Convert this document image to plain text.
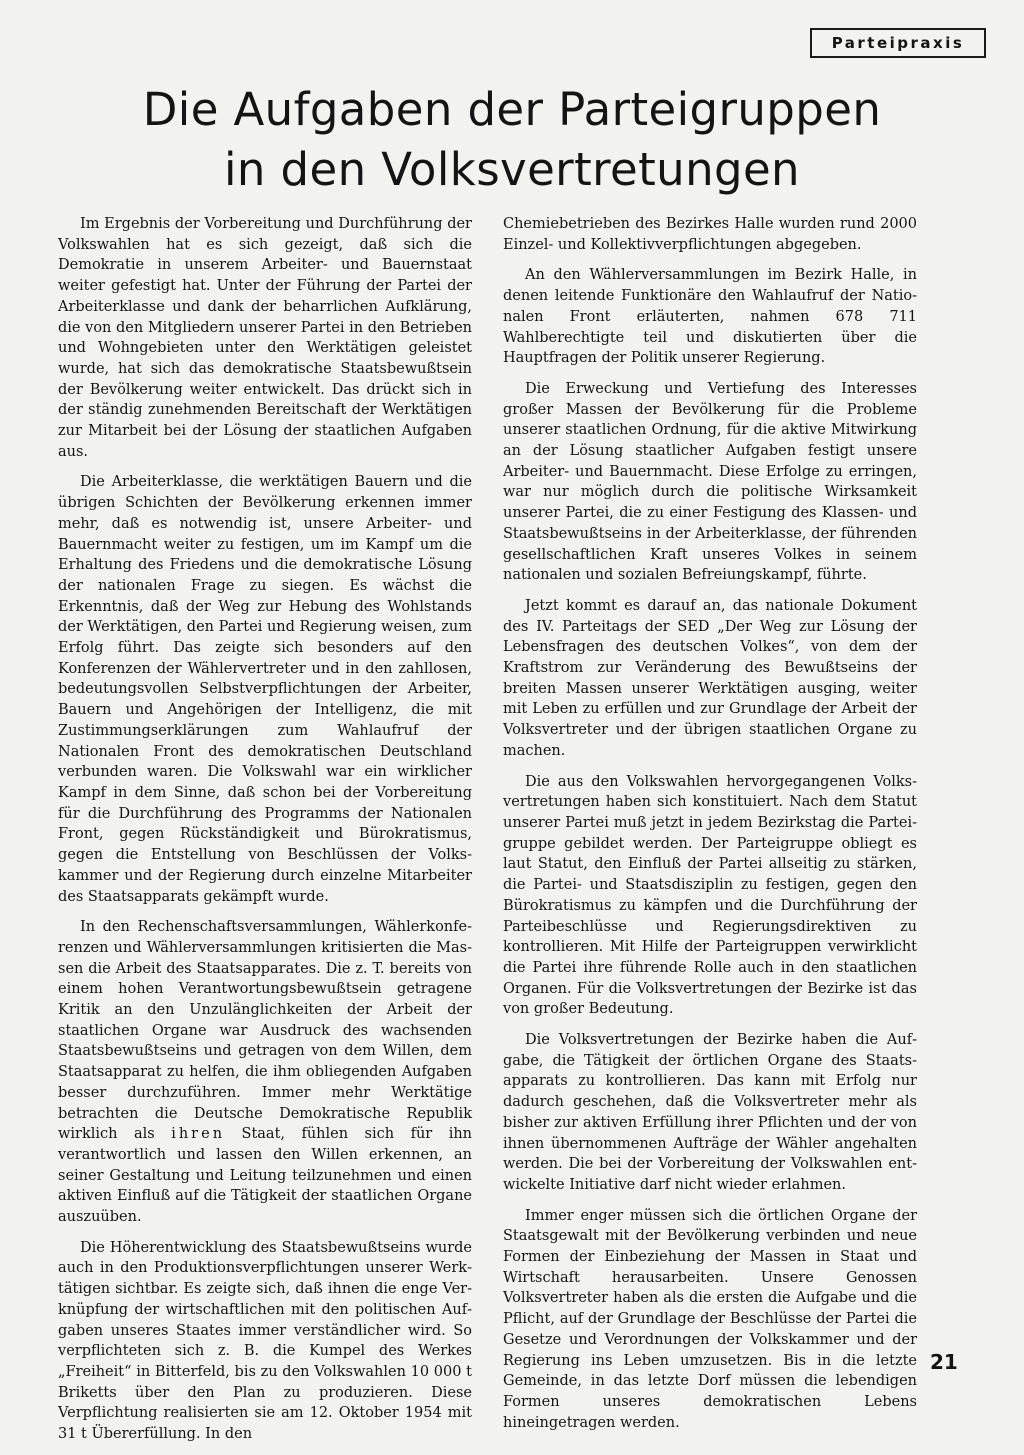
Parteipraxis
Die Aufgaben der Parteigruppen
in den Volksvertretungen

Im Ergebnis der Vorbereitung und Durchführung der Volkswahlen hat es sich gezeigt, daß sich die Demokratie in unserem Arbeiter- und Bauernstaat weiter gefestigt hat. Unter der Führung der Partei der Arbeiterklasse und dank der beharrlichen Aufklärung, die von den Mitgliedern unserer Partei in den Betrieben und Wohngebieten unter den Werktätigen geleistet wurde, hat sich das demokratische Staatsbewußtsein der Bevölkerung weiter entwickelt. Das drückt sich in der ständig zunehmenden Bereitschaft der Werktätigen zur Mitarbeit bei der Lösung der staatlichen Aufgaben aus.

Die Arbeiterklasse, die werktätigen Bauern und die übrigen Schichten der Bevölkerung erkennen immer mehr, daß es notwendig ist, unsere Arbeiter- und Bauernmacht weiter zu festigen, um im Kampf um die Erhaltung des Friedens und die demokratische Lösung der nationalen Frage zu siegen. Es wächst die Erkenntnis, daß der Weg zur Hebung des Wohlstands der Werktätigen, den Partei und Regierung weisen, zum Erfolg führt. Das zeigte sich besonders auf den Konferenzen der Wählervertreter und in den zahllosen, bedeutungsvollen Selbstverpflichtungen der Arbeiter, Bauern und Angehörigen der Intelligenz, die mit Zustimmungserklärungen zum Wahlaufruf der Nationalen Front des demokratischen Deutschland verbunden waren. Die Volkswahl war ein wirklicher Kampf in dem Sinne, daß schon bei der Vorbereitung für die Durchführung des Programms der Nationalen Front, gegen Rückständigkeit und Bürokratismus, gegen die Entstellung von Beschlüssen der Volkskammer und der Regierung durch einzelne Mitarbeiter des Staatsapparats gekämpft wurde.

In den Rechenschaftsversammlungen, Wählerkonferenzen und Wählerversammlungen kritisierten die Massen die Arbeit des Staatsapparates. Die z. T. bereits von einem hohen Verantwortungsbewußtsein getragene Kritik an den Unzulänglichkeiten der Arbeit der staatlichen Organe war Ausdruck des wachsenden Staatsbewußtseins und getragen von dem Willen, dem Staatsapparat zu helfen, die ihm obliegenden Aufgaben besser durchzuführen. Immer mehr Werktätige betrachten die Deutsche Demokratische Republik wirklich als ihren Staat, fühlen sich für ihn verantwortlich und lassen den Willen erkennen, an seiner Gestaltung und Leitung teilzunehmen und einen aktiven Einfluß auf die Tätigkeit der staatlichen Organe auszuüben.

Die Höherentwicklung des Staatsbewußtseins wurde auch in den Produktionsverpflichtungen unserer Werktätigen sichtbar. Es zeigte sich, daß ihnen die enge Verknüpfung der wirtschaftlichen mit den politischen Aufgaben unseres Staates immer verständlicher wird. So verpflichteten sich z. B. die Kumpel des Werkes „Freiheit“ in Bitterfeld, bis zu den Volkswahlen 10 000 t Briketts über den Plan zu produzieren. Diese Verpflichtung realisierten sie am 12. Oktober 1954 mit 31 t Übererfüllung. In den

Chemiebetrieben des Bezirkes Halle wurden rund 2000 Einzel- und Kollektivverpflichtungen abgegeben.

An den Wählerversammlungen im Bezirk Halle, in denen leitende Funktionäre den Wahlaufruf der Nationalen Front erläuterten, nahmen 678 711 Wahlberechtigte teil und diskutierten über die Hauptfragen der Politik unserer Regierung.

Die Erweckung und Vertiefung des Interesses großer Massen der Bevölkerung für die Probleme unserer staatlichen Ordnung, für die aktive Mitwirkung an der Lösung staatlicher Aufgaben festigt unsere Arbeiter- und Bauernmacht. Diese Erfolge zu erringen, war nur möglich durch die politische Wirksamkeit unserer Partei, die zu einer Festigung des Klassen- und Staatsbewußtseins in der Arbeiterklasse, der führenden gesellschaftlichen Kraft unseres Volkes in seinem nationalen und sozialen Befreiungskampf, führte.

Jetzt kommt es darauf an, das nationale Dokument des IV. Parteitags der SED „Der Weg zur Lösung der Lebensfragen des deutschen Volkes“, von dem der Kraftstrom zur Veränderung des Bewußtseins der breiten Massen unserer Werktätigen ausging, weiter mit Leben zu erfüllen und zur Grundlage der Arbeit der Volksvertreter und der übrigen staatlichen Organe zu machen.

Die aus den Volkswahlen hervorgegangenen Volksvertretungen haben sich konstituiert. Nach dem Statut unserer Partei muß jetzt in jedem Bezirkstag die Parteigruppe gebildet werden. Der Parteigruppe obliegt es laut Statut, den Einfluß der Partei allseitig zu stärken, die Partei- und Staatsdisziplin zu festigen, gegen den Bürokratismus zu kämpfen und die Durchführung der Parteibeschlüsse und Regierungsdirektiven zu kontrollieren. Mit Hilfe der Parteigruppen verwirklicht die Partei ihre führende Rolle auch in den staatlichen Organen. Für die Volksvertretungen der Bezirke ist das von großer Bedeutung.

Die Volksvertretungen der Bezirke haben die Aufgabe, die Tätigkeit der örtlichen Organe des Staatsapparats zu kontrollieren. Das kann mit Erfolg nur dadurch geschehen, daß die Volksvertreter mehr als bisher zur aktiven Erfüllung ihrer Pflichten und der von ihnen übernommenen Aufträge der Wähler angehalten werden. Die bei der Vorbereitung der Volkswahlen entwickelte Initiative darf nicht wieder erlahmen.

Immer enger müssen sich die örtlichen Organe der Staatsgewalt mit der Bevölkerung verbinden und neue Formen der Einbeziehung der Massen in Staat und Wirtschaft herausarbeiten. Unsere Genossen Volksvertreter haben als die ersten die Aufgabe und die Pflicht, auf der Grundlage der Beschlüsse der Partei die Gesetze und Verordnungen der Volkskammer und der Regierung ins Leben umzusetzen. Bis in die letzte Gemeinde, in das letzte Dorf müssen die lebendigen Formen unseres demokratischen Lebens hineingetragen werden.

21
